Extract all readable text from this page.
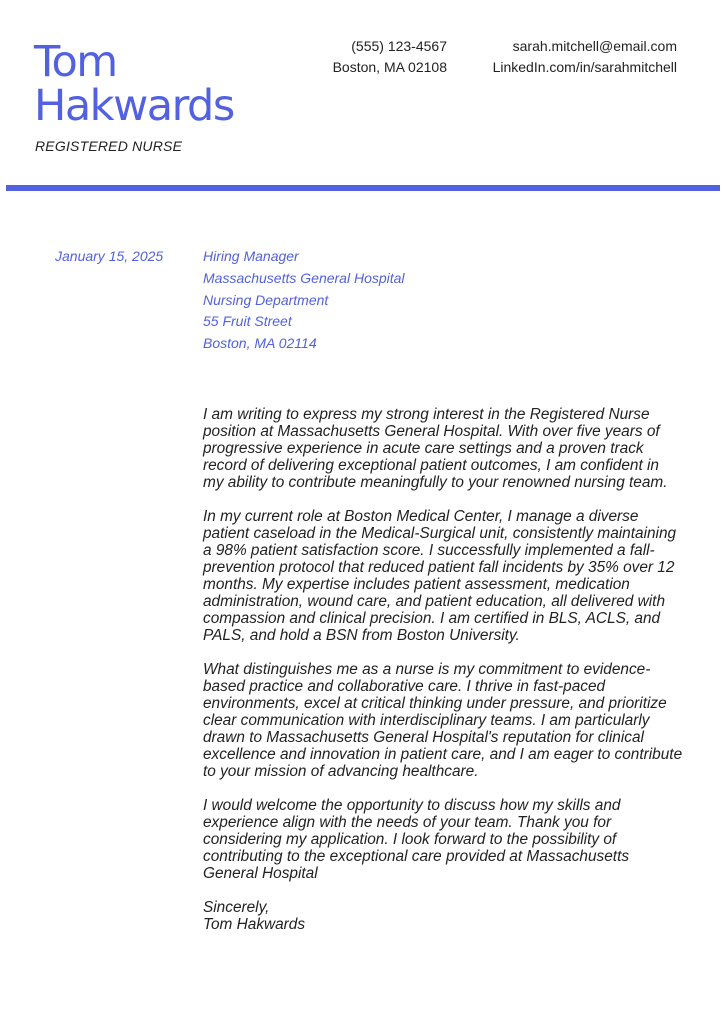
Tom
Hakwards
REGISTERED NURSE
(555) 123-4567
Boston, MA 02108
sarah.mitchell@email.com
LinkedIn.com/in/sarahmitchell
January 15, 2025	Hiring Manager
Massachusetts General Hospital
Nursing Department
55 Fruit Street
Boston, MA 02114

I am writing to express my strong interest in the Registered Nurse position at Massachusetts General Hospital. With over five years of progressive experience in acute care settings and a proven track record of delivering exceptional patient outcomes, I am confident in my ability to contribute meaningfully to your renowned nursing team.

In my current role at Boston Medical Center, I manage a diverse patient caseload in the Medical-Surgical unit, consistently maintaining a 98% patient satisfaction score. I successfully implemented a fall-prevention protocol that reduced patient fall incidents by 35% over 12 months. My expertise includes patient assessment, medication administration, wound care, and patient education, all delivered with compassion and clinical precision. I am certified in BLS, ACLS, and PALS, and hold a BSN from Boston University.

What distinguishes me as a nurse is my commitment to evidence-based practice and collaborative care. I thrive in fast-paced environments, excel at critical thinking under pressure, and prioritize clear communication with interdisciplinary teams. I am particularly drawn to Massachusetts General Hospital's reputation for clinical excellence and innovation in patient care, and I am eager to contribute to your mission of advancing healthcare.

I would welcome the opportunity to discuss how my skills and experience align with the needs of your team. Thank you for considering my application. I look forward to the possibility of contributing to the exceptional care provided at Massachusetts General Hospital

Sincerely,
Tom Hakwards
